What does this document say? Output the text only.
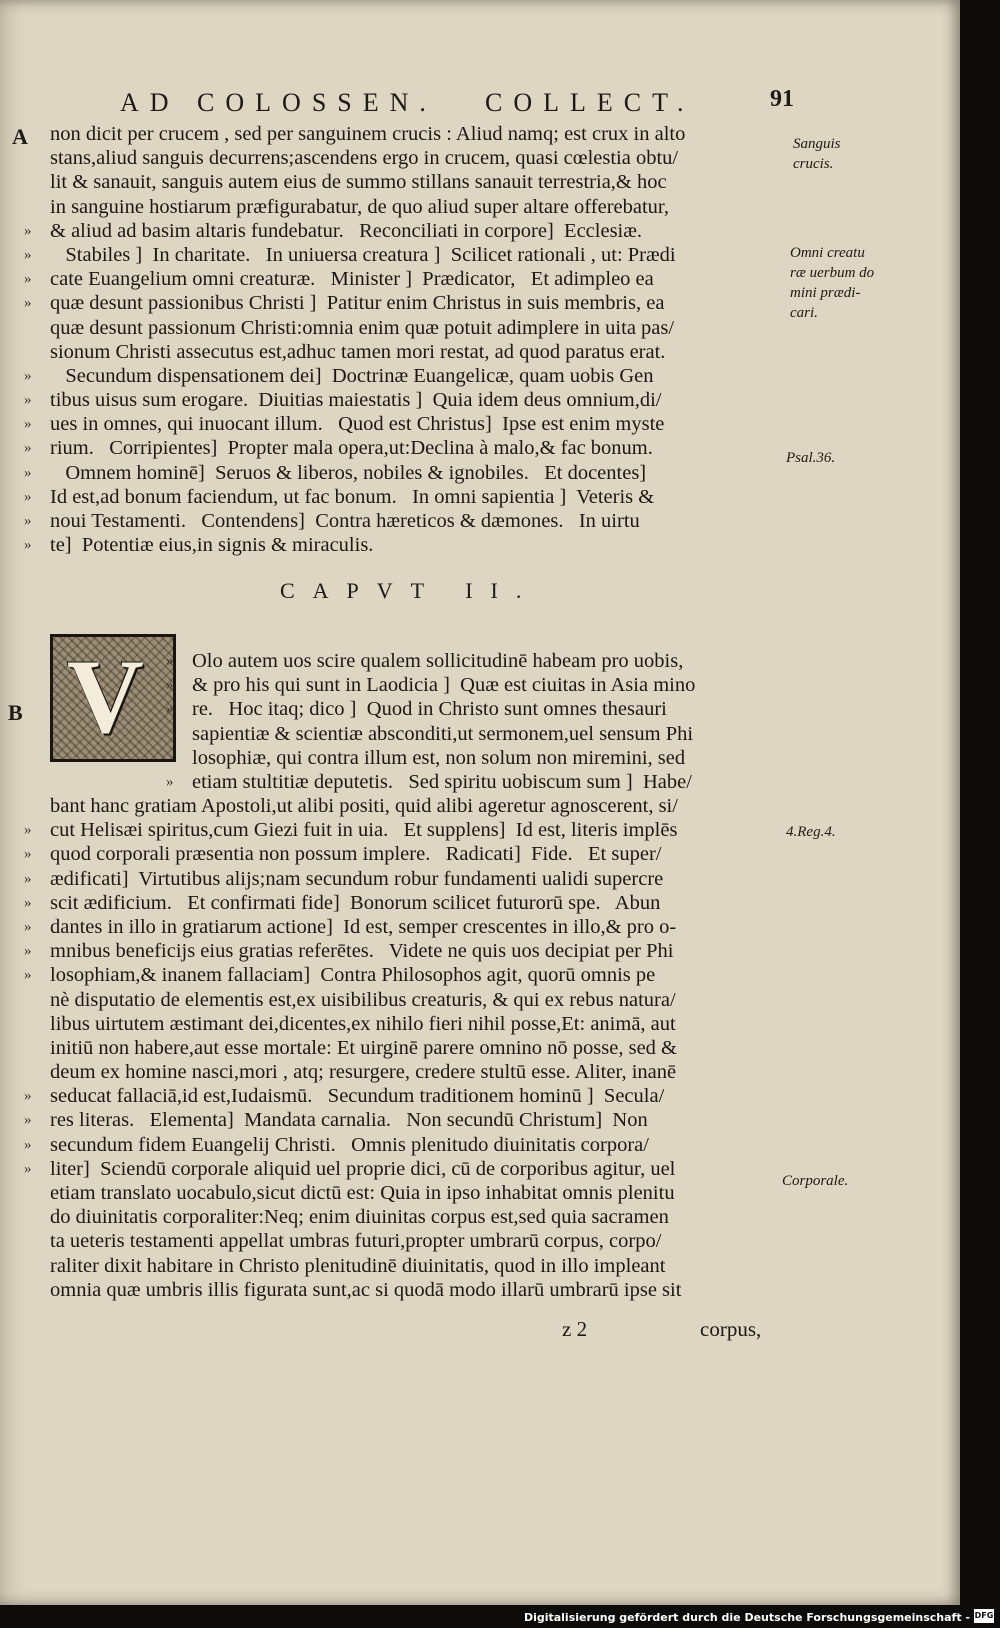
AD COLOSSEN. COLLECT.	91
A
B
non dicit per crucem , sed per sanguinem crucis : Aliud namq; est crux in alto
stans,aliud sanguis decurrens;ascendens ergo in crucem, quasi cœlestia obtu/
lit & sanauit, sanguis autem eius de summo stillans sanauit terrestria,& hoc
in sanguine hostiarum præfigurabatur, de quo aliud super altare offerebatur,
» & aliud ad basim altaris fundebatur.   Reconciliati in corpore]  Ecclesiæ.
» Stabiles ]  In charitate.   In uniuersa creatura ]  Scilicet rationali , ut: Prædi
» cate Euangelium omni creaturæ.   Minister ]  Prædicator,   Et adimpleo ea
» quæ desunt passionibus Christi ]  Patitur enim Christus in suis membris, ea
quæ desunt passionum Christi:omnia enim quæ potuit adimplere in uita pas/
sionum Christi assecutus est,adhuc tamen mori restat, ad quod paratus erat.
» Secundum dispensationem dei]  Doctrinæ Euangelicæ, quam uobis Gen
» tibus uisus sum erogare.  Diuitias maiestatis ]  Quia idem deus omnium,di/
» ues in omnes, qui inuocant illum.   Quod est Christus]  Ipse est enim myste
» rium.   Corripientes]  Propter mala opera,ut:Declina à malo,& fac bonum.
» Omnem hominē]  Seruos & liberos, nobiles & ignobiles.   Et docentes]
» Id est,ad bonum faciendum, ut fac bonum.   In omni sapientia ]  Veteris &
» noui Testamenti.   Contendens]  Contra hæreticos & dæmones.   In uirtu
» te]  Potentiæ eius,in signis & miraculis.
CAPVT II.
V » Olo autem uos scire qualem sollicitudinē habeam pro uobis,
» & pro his qui sunt in Laodicia ]  Quæ est ciuitas in Asia mino
» re.   Hoc itaq; dico ]  Quod in Christo sunt omnes thesauri
sapientiæ & scientiæ absconditi,ut sermonem,uel sensum Phi
losophiæ, qui contra illum est, non solum non miremini, sed
» etiam stultitiæ deputetis.   Sed spiritu uobiscum sum ]  Habe/
bant hanc gratiam Apostoli,ut alibi positi, quid alibi ageretur agnoscerent, si/
» cut Helisæi spiritus,cum Giezi fuit in uia.   Et supplens]  Id est, literis implēs
» quod corporali præsentia non possum implere.   Radicati]  Fide.   Et super/
» ædificati]  Virtutibus alijs;nam secundum robur fundamenti ualidi supercre
» scit ædificium.   Et confirmati fide]  Bonorum scilicet futurorū spe.   Abun
» dantes in illo in gratiarum actione]  Id est, semper crescentes in illo,& pro o-
» mnibus beneficijs eius gratias referētes.   Videte ne quis uos decipiat per Phi
» losophiam,& inanem fallaciam]  Contra Philosophos agit, quorū omnis pe
nè disputatio de elementis est,ex uisibilibus creaturis, & qui ex rebus natura/
libus uirtutem æstimant dei,dicentes,ex nihilo fieri nihil posse,Et: animā, aut
initiū non habere,aut esse mortale: Et uirginē parere omnino nō posse, sed &
deum ex homine nasci,mori , atq; resurgere, credere stultū esse. Aliter, inanē
» seducat fallaciā,id est,Iudaismū.   Secundum traditionem hominū ]  Secula/
» res literas.   Elementa]  Mandata carnalia.   Non secundū Christum]  Non
» secundum fidem Euangelij Christi.   Omnis plenitudo diuinitatis corpora/
» liter]  Sciendū corporale aliquid uel proprie dici, cū de corporibus agitur, uel
etiam translato uocabulo,sicut dictū est: Quia in ipso inhabitat omnis plenitu
do diuinitatis corporaliter:Neq; enim diuinitas corpus est,sed quia sacramen
ta ueteris testamenti appellat umbras futuri,propter umbrarū corpus, corpo/
raliter dixit habitare in Christo plenitudinē diuinitatis, quod in illo impleant
omnia quæ umbris illis figurata sunt,ac si quodā modo illarū umbrarū ipse sit
Sanguis
crucis.
Omni creatu
ræ uerbum do
mini prædi-
cari.
Psal.36.
4.Reg.4.
Corporale.
z 2	corpus,
Digitalisierung gefördert durch die Deutsche Forschungsgemeinschaft - DFG
